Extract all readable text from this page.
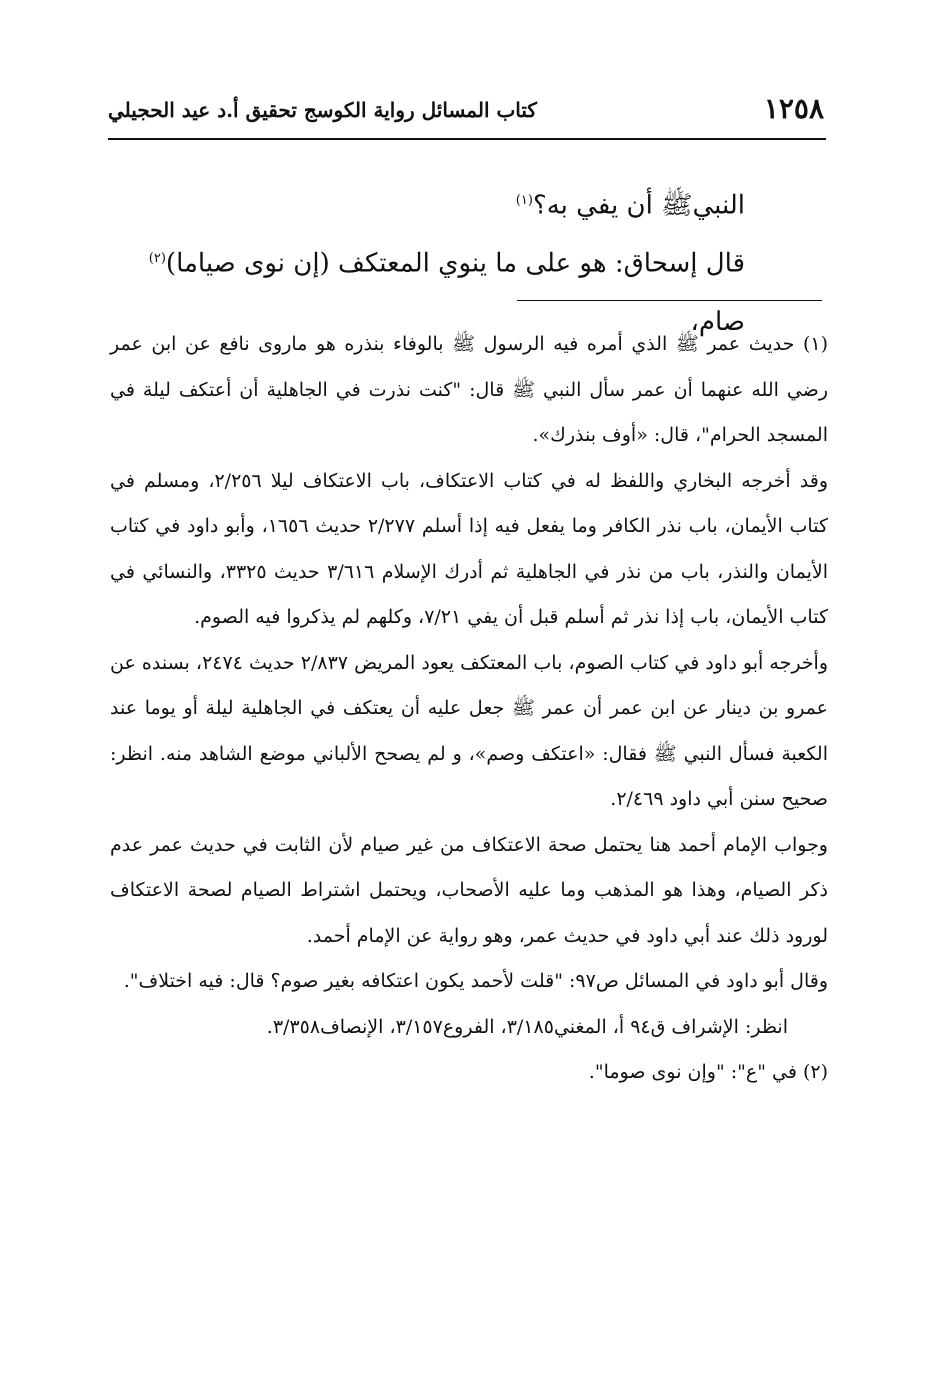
١٢٥٨
كتاب المسائل رواية الكوسج تحقيق أ.د عيد الحجيلي

النبيﷺ أن يفي به؟$^{(١)}$

قال إسحاق: هو على ما ينوي المعتكف (إن نوى صياما)$^{(٢)}$ صام،

(١) حديث عمر ﷺ الذي أمره فيه الرسول ﷺ بالوفاء بنذره هو ماروى نافع عن ابن عمر رضي الله عنهما أن عمر سأل النبي ﷺ قال: "كنت نذرت في الجاهلية أن أعتكف ليلة في المسجد الحرام"، قال: «أوف بنذرك».

وقد أخرجه البخاري واللفظ له في كتاب الاعتكاف، باب الاعتكاف ليلا ٢/٢٥٦، ومسلم في كتاب الأيمان، باب نذر الكافر وما يفعل فيه إذا أسلم ٢/٢٧٧ حديث ١٦٥٦، وأبو داود في كتاب الأيمان والنذر، باب من نذر في الجاهلية ثم أدرك الإسلام ٣/٦١٦ حديث ٣٣٢٥، والنسائي في كتاب الأيمان، باب إذا نذر ثم أسلم قبل أن يفي ٧/٢١، وكلهم لم يذكروا فيه الصوم.

وأخرجه أبو داود في كتاب الصوم، باب المعتكف يعود المريض ٢/٨٣٧ حديث ٢٤٧٤، بسنده عن عمرو بن دينار عن ابن عمر أن عمر ﷺ جعل عليه أن يعتكف في الجاهلية ليلة أو يوما عند الكعبة فسأل النبي ﷺ فقال: «اعتكف وصم»، و لم يصحح الألباني موضع الشاهد منه. انظر: صحيح سنن أبي داود ٢/٤٦٩.

وجواب الإمام أحمد هنا يحتمل صحة الاعتكاف من غير صيام لأن الثابت في حديث عمر عدم ذكر الصيام، وهذا هو المذهب وما عليه الأصحاب، ويحتمل اشتراط الصيام لصحة الاعتكاف لورود ذلك عند أبي داود في حديث عمر، وهو رواية عن الإمام أحمد.

وقال أبو داود في المسائل ص٩٧: "قلت لأحمد يكون اعتكافه بغير صوم؟ قال: فيه اختلاف".

انظر: الإشراف ق٩٤ أ، المغني٣/١٨٥، الفروع٣/١٥٧، الإنصاف٣/٣٥٨.

(٢) في "ع": "وإن نوى صوما".
